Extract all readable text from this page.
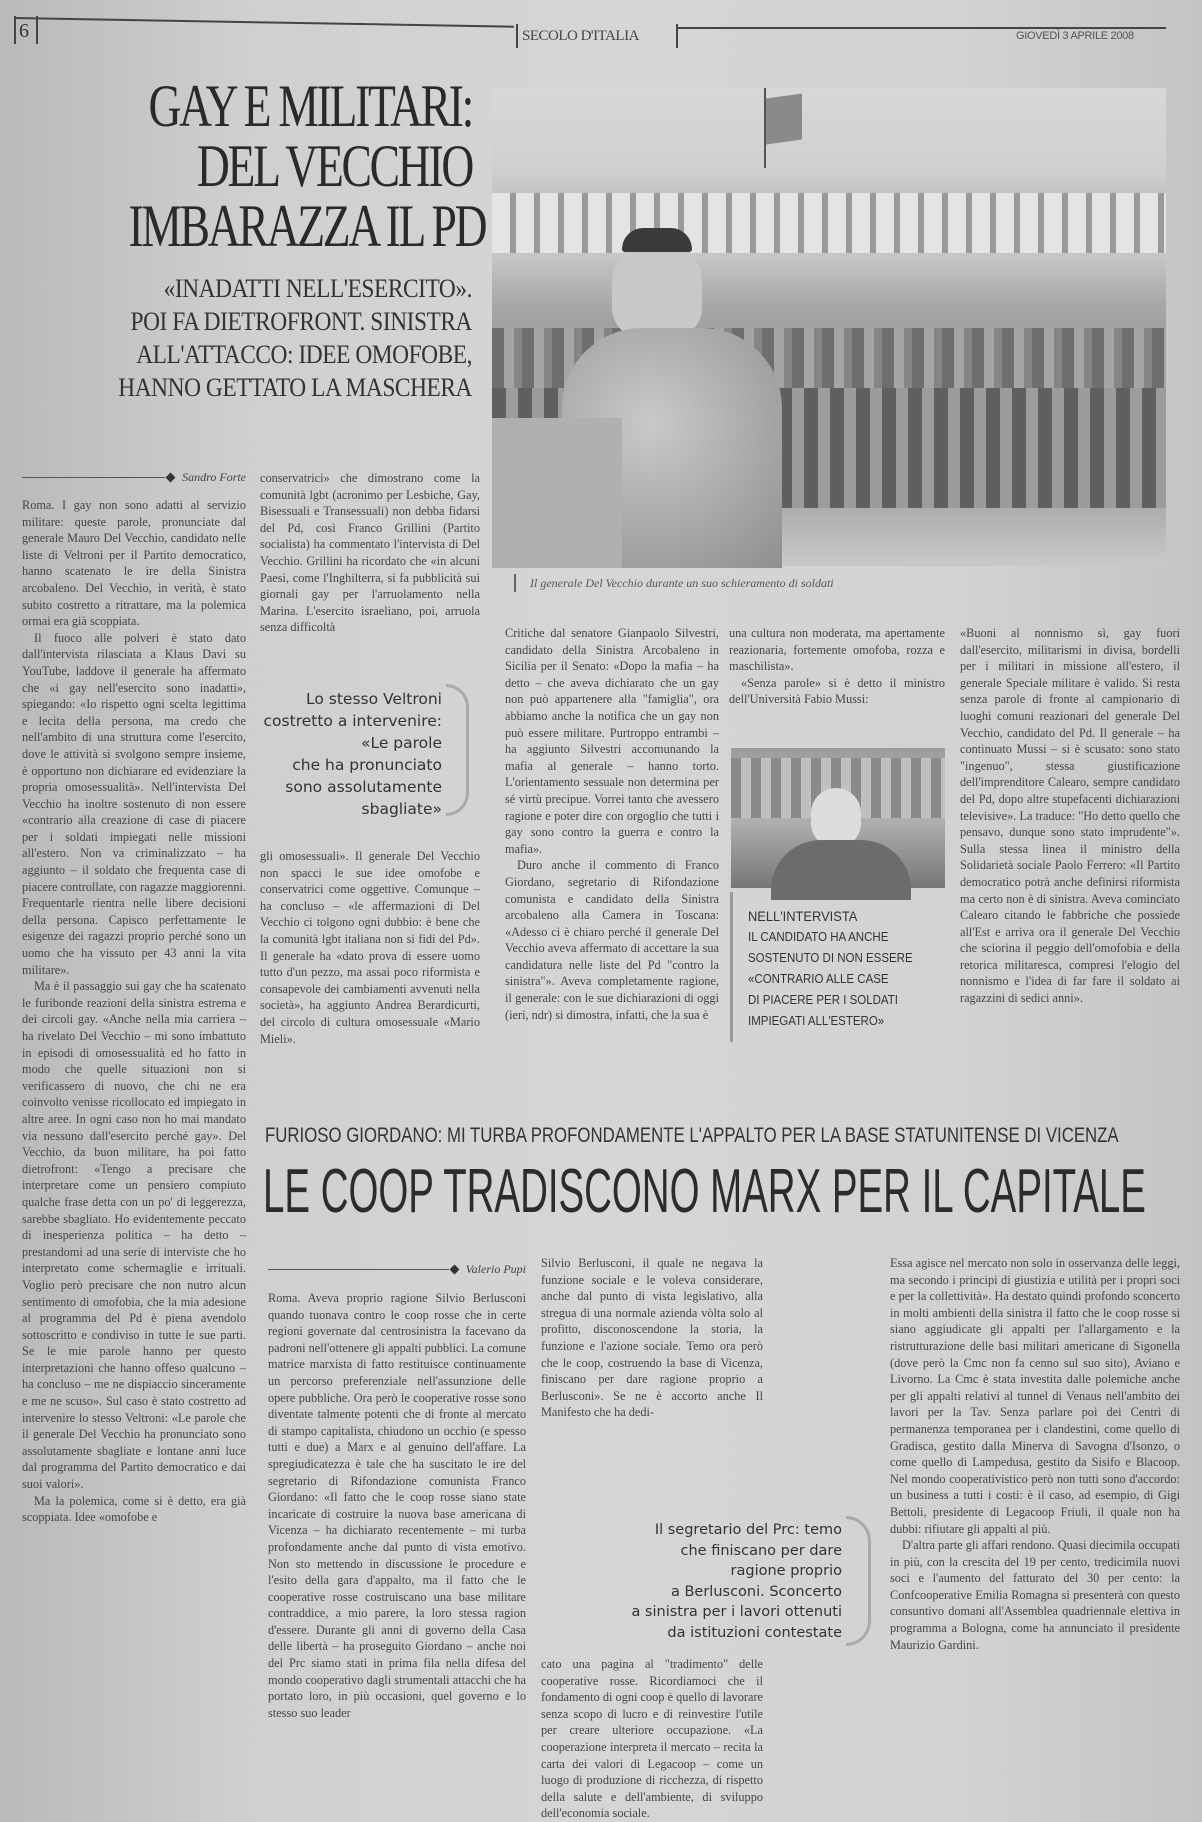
6	SECOLO D'ITALIA	GIOVEDÌ 3 APRILE 2008
GAY E MILITARI:
DEL VECCHIO
IMBARAZZA IL PD
«INADATTI NELL'ESERCITO».
POI FA DIETROFRONT. SINISTRA
ALL'ATTACCO: IDEE OMOFOBE,
HANNO GETTATO LA MASCHERA
Il generale Del Vecchio durante un suo schieramento di soldati
Sandro Forte

Roma. I gay non sono adatti al servizio militare: queste parole, pronunciate dal generale Mauro Del Vecchio, candidato nelle liste di Veltroni per il Partito democratico, hanno scatenato le ire della Sinistra arcobaleno. Del Vecchio, in verità, è stato subito costretto a ritrattare, ma la polemica ormai era già scoppiata.

Il fuoco alle polveri è stato dato dall'intervista rilasciata a Klaus Davi su YouTube, laddove il generale ha affermato che «i gay nell'esercito sono inadatti», spiegando: «Io rispetto ogni scelta legittima e lecita della persona, ma credo che nell'ambito di una struttura come l'esercito, dove le attività si svolgono sempre insieme, è opportuno non dichiarare ed evidenziare la propria omosessualità». Nell'intervista Del Vecchio ha inoltre sostenuto di non essere «contrario alla creazione di case di piacere per i soldati impiegati nelle missioni all'estero. Non va criminalizzato – ha aggiunto – il soldato che frequenta case di piacere controllate, con ragazze maggiorenni. Frequentarle rientra nelle libere decisioni della persona. Capisco perfettamente le esigenze dei ragazzi proprio perché sono un uomo che ha vissuto per 43 anni la vita militare».

Ma è il passaggio sui gay che ha scatenato le furibonde reazioni della sinistra estrema e dei circoli gay. «Anche nella mia carriera – ha rivelato Del Vecchio – mi sono imbattuto in episodi di omosessualità ed ho fatto in modo che quelle situazioni non si verificassero di nuovo, che chi ne era coinvolto venisse ricollocato ed impiegato in altre aree. In ogni caso non ho mai mandato via nessuno dall'esercito perché gay». Del Vecchio, da buon militare, ha poi fatto dietrofront: «Tengo a precisare che interpretare come un pensiero compiuto qualche frase detta con un po' di leggerezza, sarebbe sbagliato. Ho evidentemente peccato di inesperienza politica – ha detto – prestandomi ad una serie di interviste che ho interpretato come schermaglie e irrituali. Voglio però precisare che non nutro alcun sentimento di omofobia, che la mia adesione al programma del Pd è piena avendolo sottoscritto e condiviso in tutte le sue parti. Se le mie parole hanno per questo interpretazioni che hanno offeso qualcuno – ha concluso – me ne dispiaccio sinceramente e me ne scuso». Sul caso è stato costretto ad intervenire lo stesso Veltroni: «Le parole che il generale Del Vecchio ha pronunciato sono assolutamente sbagliate e lontane anni luce dal programma del Partito democratico e dai suoi valori».

Ma la polemica, come si è detto, era già scoppiata. Idee «omofobe e

conservatrici» che dimostrano come la comunità lgbt (acronimo per Lesbiche, Gay, Bisessuali e Transessuali) non debba fidarsi del Pd, così Franco Grillini (Partito socialista) ha commentato l'intervista di Del Vecchio. Grillini ha ricordato che «in alcuni Paesi, come l'Inghilterra, si fa pubblicità sui giornali gay per l'arruolamento nella Marina. L'esercito israeliano, poi, arruola senza difficoltà

Lo stesso Veltroni
costretto a intervenire:
«Le parole
che ha pronunciato
sono assolutamente
sbagliate»

gli omosessuali». Il generale Del Vecchio non spacci le sue idee omofobe e conservatrici come oggettive. Comunque – ha concluso – «le affermazioni di Del Vecchio ci tolgono ogni dubbio: è bene che la comunità lgbt italiana non si fidi del Pd». Il generale ha «dato prova di essere uomo tutto d'un pezzo, ma assai poco riformista e consapevole dei cambiamenti avvenuti nella società», ha aggiunto Andrea Berardicurti, del circolo di cultura omosessuale «Mario Mieli».

Critiche dal senatore Gianpaolo Silvestri, candidato della Sinistra Arcobaleno in Sicilia per il Senato: «Dopo la mafia – ha detto – che aveva dichiarato che un gay non può appartenere alla "famiglia", ora abbiamo anche la notifica che un gay non può essere militare. Purtroppo entrambi – ha aggiunto Silvestri accomunando la mafia al generale – hanno torto. L'orientamento sessuale non determina per sé virtù precipue. Vorrei tanto che avessero ragione e poter dire con orgoglio che tutti i gay sono contro la guerra e contro la mafia».

Duro anche il commento di Franco Giordano, segretario di Rifondazione comunista e candidato della Sinistra arcobaleno alla Camera in Toscana: «Adesso ci è chiaro perché il generale Del Vecchio aveva affermato di accettare la sua candidatura nelle liste del Pd "contro la sinistra"». Aveva completamente ragione, il generale: con le sue dichiarazioni di oggi (ieri, ndr) si dimostra, infatti, che la sua è

una cultura non moderata, ma apertamente reazionaria, fortemente omofoba, rozza e maschilista».

«Senza parole» si è detto il ministro dell'Università Fabio Mussi:

NELL'INTERVISTA
IL CANDIDATO HA ANCHE
SOSTENUTO DI NON ESSERE
«CONTRARIO ALLE CASE
DI PIACERE PER I SOLDATI
IMPIEGATI ALL'ESTERO»

«Buoni al nonnismo sì, gay fuori dall'esercito, militarismi in divisa, bordelli per i militari in missione all'estero, il generale Speciale militare è valido. Si resta senza parole di fronte al campionario di luoghi comuni reazionari del generale Del Vecchio, candidato del Pd. Il generale – ha continuato Mussi – si è scusato: sono stato "ingenuo", stessa giustificazione dell'imprenditore Calearo, sempre candidato del Pd, dopo altre stupefacenti dichiarazioni televisive». La traduce: "Ho detto quello che pensavo, dunque sono stato imprudente"». Sulla stessa linea il ministro della Solidarietà sociale Paolo Ferrero: «Il Partito democratico potrà anche definirsi riformista ma certo non è di sinistra. Aveva cominciato Calearo citando le fabbriche che possiede all'Est e arriva ora il generale Del Vecchio che sciorina il peggio dell'omofobia e della retorica militaresca, compresi l'elogio del nonnismo e l'idea di far fare il soldato ai ragazzini di sedici anni».

FURIOSO GIORDANO: MI TURBA PROFONDAMENTE L'APPALTO PER LA BASE STATUNITENSE DI VICENZA
LE COOP TRADISCONO MARX PER IL CAPITALE
Valerio Pupi

Roma. Aveva proprio ragione Silvio Berlusconi quando tuonava contro le coop rosse che in certe regioni governate dal centrosinistra la facevano da padroni nell'ottenere gli appalti pubblici. La comune matrice marxista di fatto restituisce continuamente un percorso preferenziale nell'assunzione delle opere pubbliche. Ora però le cooperative rosse sono diventate talmente potenti che di fronte al mercato di stampo capitalista, chiudono un occhio (e spesso tutti e due) a Marx e al genuino dell'affare. La spregiudicatezza è tale che ha suscitato le ire del segretario di Rifondazione comunista Franco Giordano: «Il fatto che le coop rosse siano state incaricate di costruire la nuova base americana di Vicenza – ha dichiarato recentemente – mi turba profondamente anche dal punto di vista emotivo. Non sto mettendo in discussione le procedure e l'esito della gara d'appalto, ma il fatto che le cooperative rosse costruiscano una base militare contraddice, a mio parere, la loro stessa ragion d'essere. Durante gli anni di governo della Casa delle libertà – ha proseguito Giordano – anche noi del Prc siamo stati in prima fila nella difesa del mondo cooperativo dagli strumentali attacchi che ha portato loro, in più occasioni, quel governo e lo stesso suo leader

Silvio Berlusconi, il quale ne negava la funzione sociale e le voleva considerare, anche dal punto di vista legislativo, alla stregua di una normale azienda vòlta solo al profitto, disconoscendone la storia, la funzione e l'azione sociale. Temo ora però che le coop, costruendo la base di Vicenza, finiscano per dare ragione proprio a Berlusconi». Se ne è accorto anche Il Manifesto che ha dedi-

Il segretario del Prc: temo
che finiscano per dare
ragione proprio
a Berlusconi. Sconcerto
a sinistra per i lavori ottenuti
da istituzioni contestate

cato una pagina al "tradimento" delle cooperative rosse. Ricordiamoci che il fondamento di ogni coop è quello di lavorare senza scopo di lucro e di reinvestire l'utile per creare ulteriore occupazione. «La cooperazione interpreta il mercato – recita la carta dei valori di Legacoop – come un luogo di produzione di ricchezza, di rispetto della salute e dell'ambiente, di sviluppo dell'economia sociale.

Essa agisce nel mercato non solo in osservanza delle leggi, ma secondo i principi di giustizia e utilità per i propri soci e per la collettività». Ha destato quindi profondo sconcerto in molti ambienti della sinistra il fatto che le coop rosse si siano aggiudicate gli appalti per l'allargamento e la ristrutturazione delle basi militari americane di Sigonella (dove però la Cmc non fa cenno sul suo sito), Aviano e Livorno. La Cmc è stata investita dalle polemiche anche per gli appalti relativi al tunnel di Venaus nell'ambito dei lavori per la Tav. Senza parlare poi dei Centri di permanenza temporanea per i clandestini, come quello di Gradisca, gestito dalla Minerva di Savogna d'Isonzo, o come quello di Lampedusa, gestito da Sisifo e Blacoop. Nel mondo cooperativistico però non tutti sono d'accordo: un business a tutti i costi: è il caso, ad esempio, di Gigi Bettoli, presidente di Legacoop Friuli, il quale non ha dubbi: rifiutare gli appalti al più.

D'altra parte gli affari rendono. Quasi diecimila occupati in più, con la crescita del 19 per cento, tredicimila nuovi soci e l'aumento del fatturato del 30 per cento: la Confcooperative Emilia Romagna si presenterà con questo consuntivo domani all'Assemblea quadriennale elettiva in programma a Bologna, come ha annunciato il presidente Maurizio Gardini.
